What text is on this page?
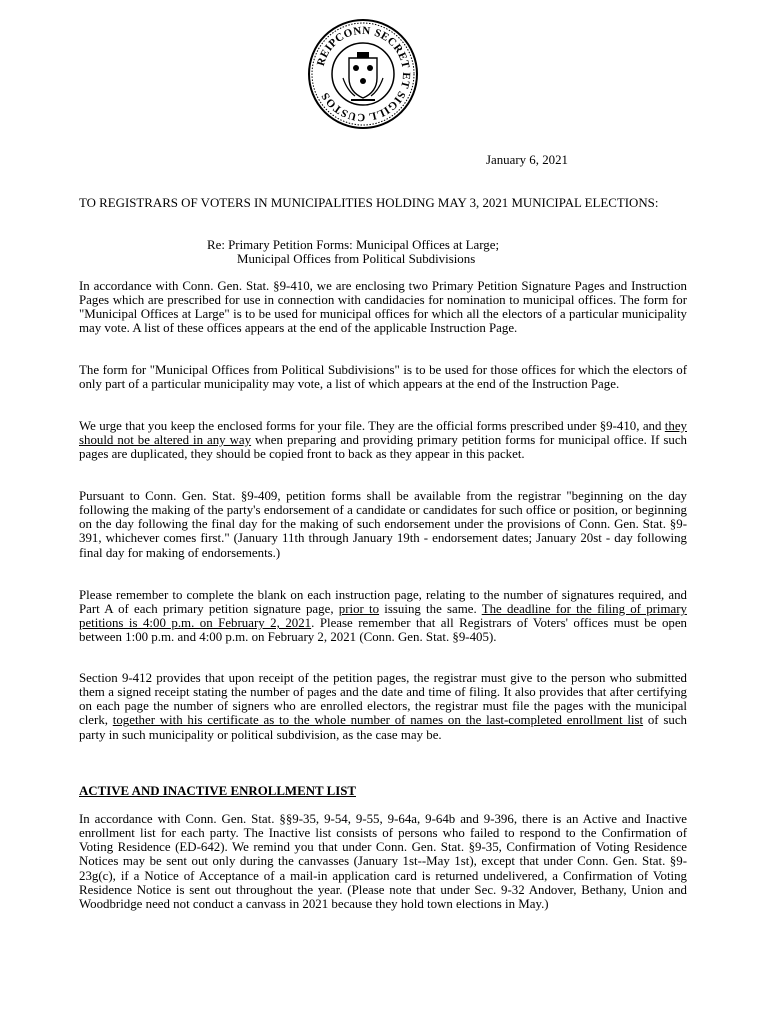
REIPCONN SECRET ET SIGILL CUSTOS

January 6, 2021

TO REGISTRARS OF VOTERS IN MUNICIPALITIES HOLDING MAY 3, 2021 MUNICIPAL ELECTIONS:

Re: Primary Petition Forms: Municipal Offices at Large;
Municipal Offices from Political Subdivisions

In accordance with Conn. Gen. Stat. §9-410, we are enclosing two Primary Petition Signature Pages and Instruction Pages which are prescribed for use in connection with candidacies for nomination to municipal offices. The form for "Municipal Offices at Large" is to be used for municipal offices for which all the electors of a particular municipality may vote. A list of these offices appears at the end of the applicable Instruction Page.

The form for "Municipal Offices from Political Subdivisions" is to be used for those offices for which the electors of only part of a particular municipality may vote, a list of which appears at the end of the Instruction Page.

We urge that you keep the enclosed forms for your file. They are the official forms prescribed under §9-410, and they should not be altered in any way when preparing and providing primary petition forms for municipal office. If such pages are duplicated, they should be copied front to back as they appear in this packet.

Pursuant to Conn. Gen. Stat. §9-409, petition forms shall be available from the registrar "beginning on the day following the making of the party's endorsement of a candidate or candidates for such office or position, or beginning on the day following the final day for the making of such endorsement under the provisions of Conn. Gen. Stat. §9-391, whichever comes first." (January 11th through January 19th - endorsement dates; January 20st - day following final day for making of endorsements.)

Please remember to complete the blank on each instruction page, relating to the number of signatures required, and Part A of each primary petition signature page, prior to issuing the same. The deadline for the filing of primary petitions is 4:00 p.m. on February 2, 2021. Please remember that all Registrars of Voters' offices must be open between 1:00 p.m. and 4:00 p.m. on February 2, 2021 (Conn. Gen. Stat. §9-405).

Section 9-412 provides that upon receipt of the petition pages, the registrar must give to the person who submitted them a signed receipt stating the number of pages and the date and time of filing. It also provides that after certifying on each page the number of signers who are enrolled electors, the registrar must file the pages with the municipal clerk, together with his certificate as to the whole number of names on the last-completed enrollment list of such party in such municipality or political subdivision, as the case may be.

ACTIVE AND INACTIVE ENROLLMENT LIST

In accordance with Conn. Gen. Stat. §§9-35, 9-54, 9-55, 9-64a, 9-64b and 9-396, there is an Active and Inactive enrollment list for each party. The Inactive list consists of persons who failed to respond to the Confirmation of Voting Residence (ED-642). We remind you that under Conn. Gen. Stat. §9-35, Confirmation of Voting Residence Notices may be sent out only during the canvasses (January 1st--May 1st), except that under Conn. Gen. Stat. §9-23g(c), if a Notice of Acceptance of a mail-in application card is returned undelivered, a Confirmation of Voting Residence Notice is sent out throughout the year. (Please note that under Sec. 9-32 Andover, Bethany, Union and Woodbridge need not conduct a canvass in 2021 because they hold town elections in May.)
